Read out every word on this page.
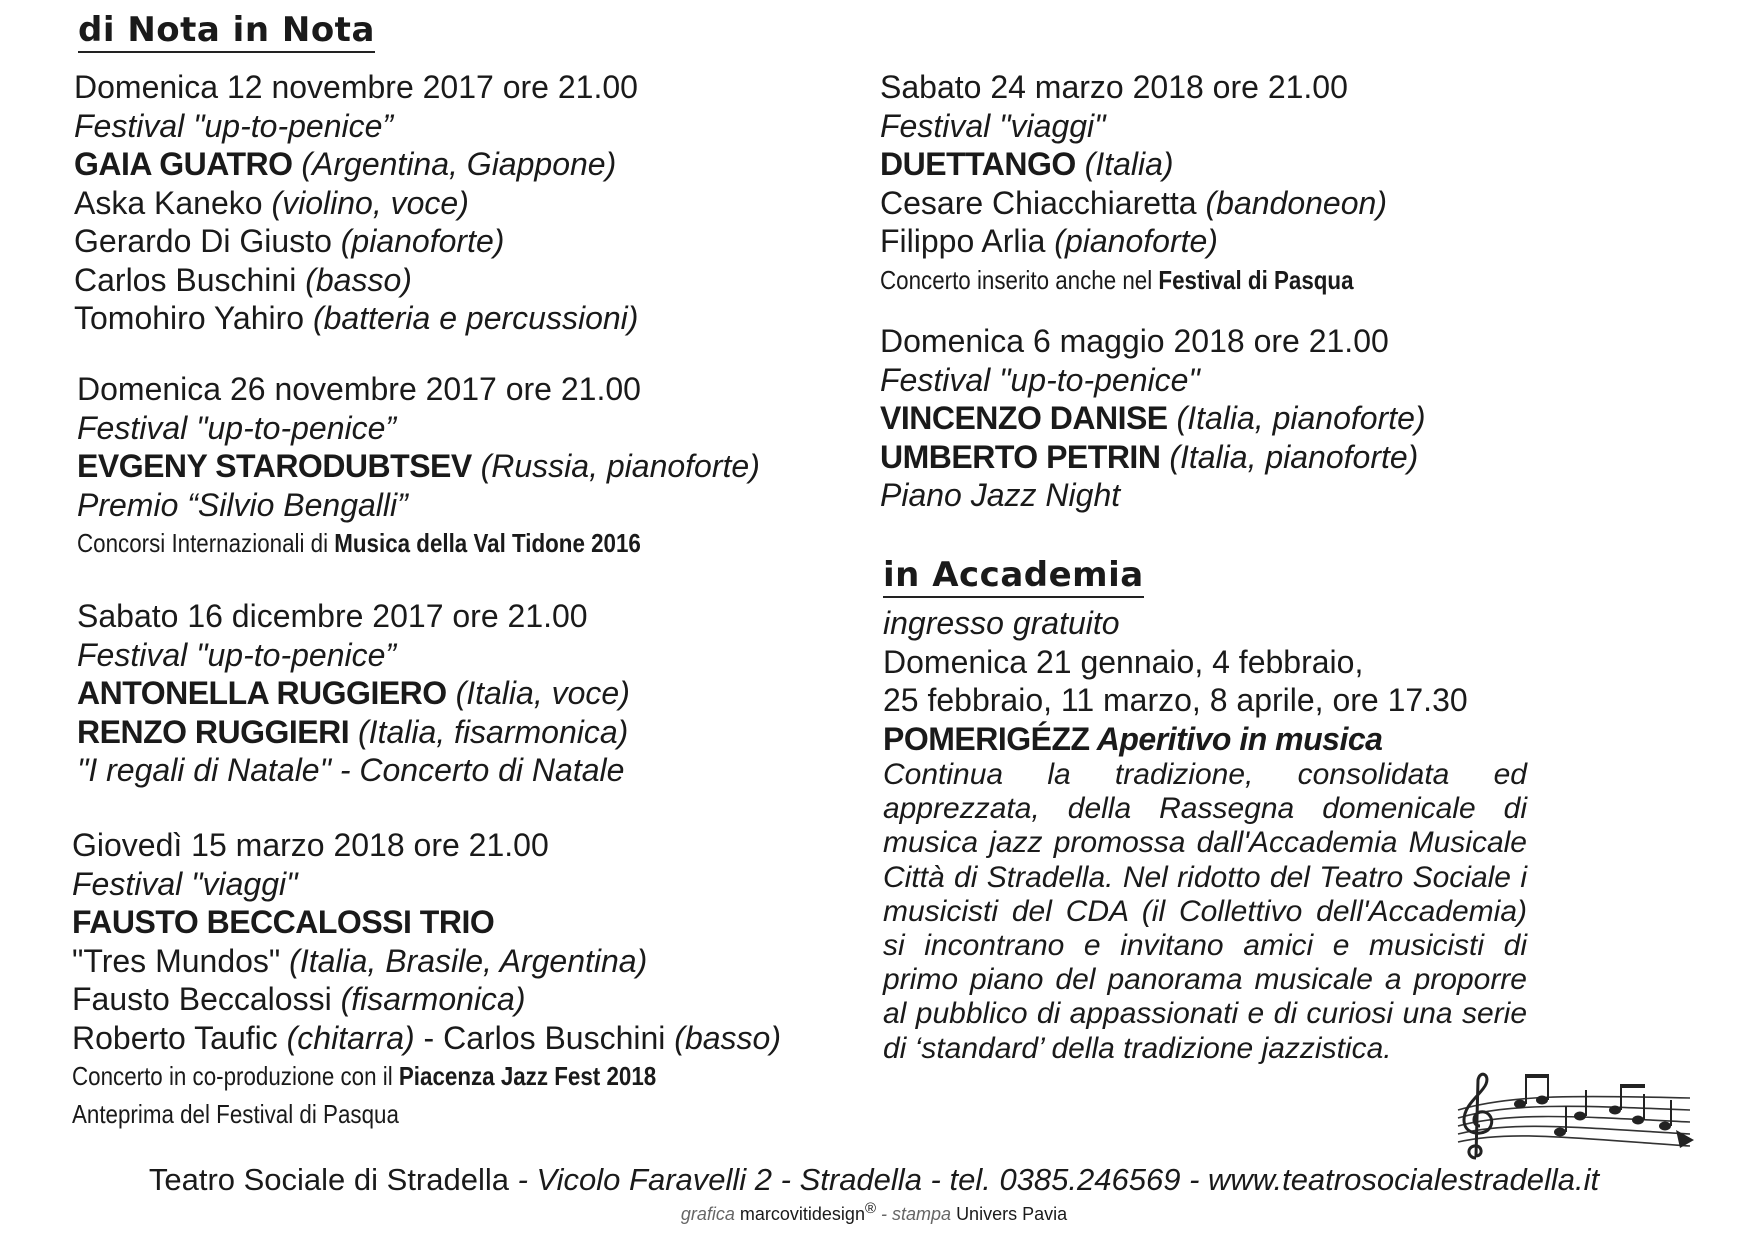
di Nota in Nota
Domenica 12 novembre 2017 ore 21.00
Festival "up-to-penice”
GAIA GUATRO (Argentina, Giappone)
Aska Kaneko (violino, voce)
Gerardo Di Giusto (pianoforte)
Carlos Buschini (basso)
Tomohiro Yahiro (batteria e percussioni)
Domenica 26 novembre 2017 ore 21.00
Festival "up-to-penice”
EVGENY STARODUBTSEV (Russia, pianoforte)
Premio “Silvio Bengalli”
Concorsi Internazionali di Musica della Val Tidone 2016
Sabato 16 dicembre 2017 ore 21.00
Festival "up-to-penice”
ANTONELLA RUGGIERO (Italia, voce)
RENZO RUGGIERI (Italia, fisarmonica)
"I regali di Natale" - Concerto di Natale
Giovedì 15 marzo 2018 ore 21.00
Festival "viaggi"
FAUSTO BECCALOSSI TRIO
"Tres Mundos" (Italia, Brasile, Argentina)
Fausto Beccalossi (fisarmonica)
Roberto Taufic (chitarra) - Carlos Buschini (basso)
Concerto in co-produzione con il Piacenza Jazz Fest 2018
Anteprima del Festival di Pasqua
Sabato 24 marzo 2018 ore 21.00
Festival "viaggi"
DUETTANGO (Italia)
Cesare Chiacchiaretta (bandoneon)
Filippo Arlia (pianoforte)
Concerto inserito anche nel Festival di Pasqua
Domenica 6 maggio 2018 ore 21.00
Festival "up-to-penice"
VINCENZO DANISE (Italia, pianoforte)
UMBERTO PETRIN (Italia, pianoforte)
Piano Jazz Night
in Accademia
ingresso gratuito
Domenica 21 gennaio, 4 febbraio,
25 febbraio, 11 marzo, 8 aprile, ore 17.30
POMERIGÉZZ Aperitivo in musica
Continua la tradizione, consolidata ed apprezzata, della Rassegna domenicale di musica jazz promossa dall'Accademia Musicale Città di Stradella. Nel ridotto del Teatro Sociale i musicisti del CDA (il Collettivo dell'Accademia) si incontrano e invitano amici e musicisti di primo piano del panorama musicale a proporre al pubblico di appassionati e di curiosi una serie di ‘standard’ della tradizione jazzistica.
Teatro Sociale di Stradella - Vicolo Faravelli 2 - Stradella - tel. 0385.246569 - www.teatrosocialestradella.it
grafica marcovitidesign® - stampa Univers Pavia
